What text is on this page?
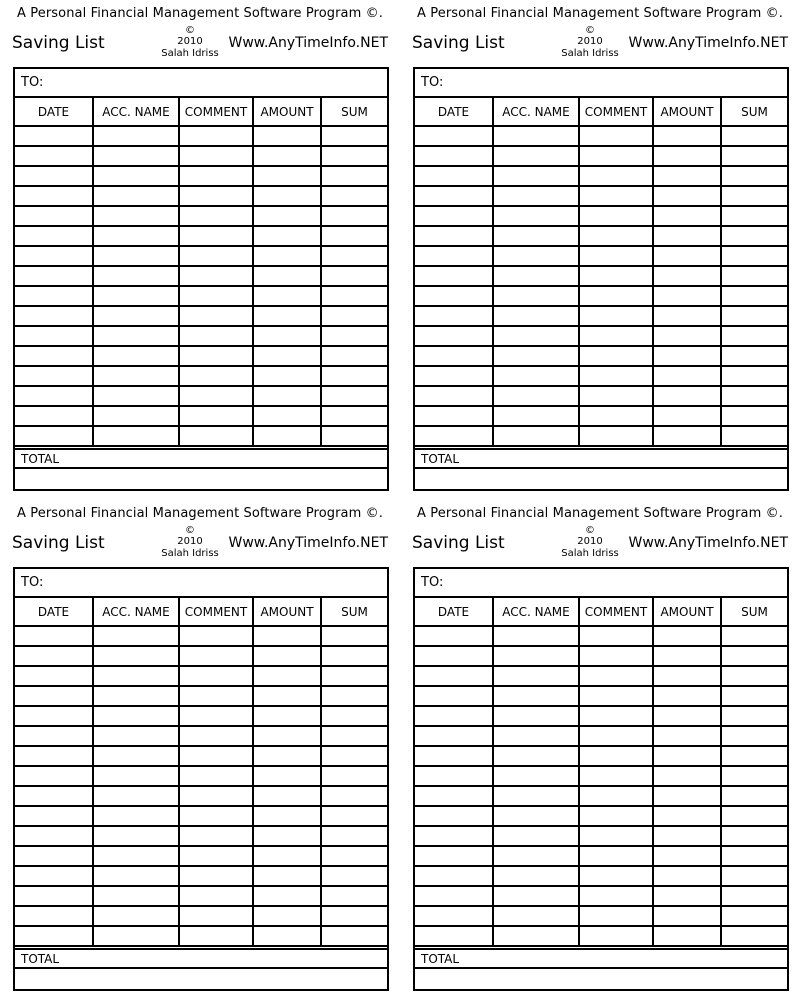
A Personal Financial Management Software Program ©.
Saving List
©
2010
Salah Idriss
Www.AnyTimeInfo.NET
TO:
DATE	ACC. NAME	COMMENT	AMOUNT	SUM

TOTAL
A Personal Financial Management Software Program ©.
Saving List
©
2010
Salah Idriss
Www.AnyTimeInfo.NET
TO:
DATE	ACC. NAME	COMMENT	AMOUNT	SUM

TOTAL
A Personal Financial Management Software Program ©.
Saving List
©
2010
Salah Idriss
Www.AnyTimeInfo.NET
TO:
DATE	ACC. NAME	COMMENT	AMOUNT	SUM

TOTAL
A Personal Financial Management Software Program ©.
Saving List
©
2010
Salah Idriss
Www.AnyTimeInfo.NET
TO:
DATE	ACC. NAME	COMMENT	AMOUNT	SUM

TOTAL
